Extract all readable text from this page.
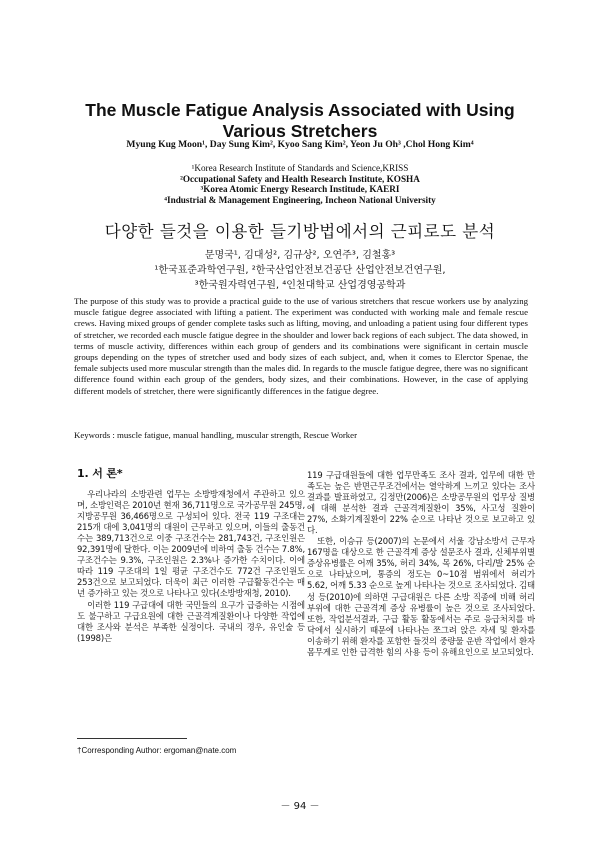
The Muscle Fatigue Analysis Associated with Using Various Stretchers
Myung Kug Moon¹, Day Sung Kim², Kyoo Sang Kim², Yeon Ju Oh³ ,Chol Hong Kim⁴
¹Korea Research Institute of Standards and Science,KRISS
²Occupational Safety and Health Research Institute, KOSHA
³Korea Atomic Energy Research Institude, KAERI
⁴Industrial & Management Engineering, Incheon National University
다양한 들것을 이용한 들기방법에서의 근피로도 분석
문명국¹, 김대성², 김규상², 오연주³, 김철홍³
¹한국표준과학연구원, ²한국산업안전보건공단 산업안전보건연구원,
³한국원자력연구원, ⁴인천대학교 산업경영공학과
The purpose of this study was to provide a practical guide to the use of various stretchers that rescue workers use by analyzing muscle fatigue degree associated with lifting a patient. The experiment was conducted with working male and female rescue crews. Having mixed groups of gender complete tasks such as lifting, moving, and unloading a patient using four different types of stretcher, we recorded each muscle fatigue degree in the shoulder and lower back regions of each subject. The data showed, in terms of muscle activity, differences within each group of genders and its combinations were significant in certain muscle groups depending on the types of stretcher used and body sizes of each subject, and, when it comes to Elerctor Spenae, the female subjects used more muscular strength than the males did. In regards to the muscle fatigue degree, there was no significant difference found within each group of the genders, body sizes, and their combinations. However, in the case of applying different models of stretcher, there were significantly differences in the fatigue degree.
Keywords : muscle fatigue, manual handling, muscular strength, Rescue Worker
1. 서 론*

우리나라의 소방관련 업무는 소방방재청에서 주관하고 있으며, 소방인력은 2010년 현재 36,711명으로 국가공무원 245명, 지방공무원 36,466명으로 구성되어 있다. 전국 119 구조대는 215개 대에 3,041명의 대원이 근무하고 있으며, 이들의 출동건수는 389,713건으로 이중 구조건수는 281,743건, 구조인원은 92,391명에 달한다. 이는 2009년에 비하여 출동 건수는 7.8%, 구조건수는 9.3%, 구조인원은 2.3%나 증가한 수치이다. 이에 따라 119 구조대의 1일 평균 구조건수도 772건 구조인원도 253건으로 보고되었다. 더욱이 최근 이러한 구급활동건수는 매년 증가하고 있는 것으로 나타나고 있다(소방방재청, 2010).

이러한 119 구급대에 대한 국민들의 요구가 급증하는 시점에도 불구하고 구급요원에 대한 근골격계질환이나 다양한 작업에 대한 조사와 분석은 부족한 실정이다. 국내의 경우, 유인술 등(1998)은

119 구급대원들에 대한 업무만족도 조사 결과, 업무에 대한 만족도는 높은 반면근무조건에서는 열악하게 느끼고 있다는 조사 결과를 발표하였고, 김정만(2006)은 소방공무원의 업무상 질병에 대해 분석한 결과 근골격계질환이 35%, 사고성 질환이 27%, 소화기계질환이 22% 순으로 나타난 것으로 보고하고 있다.

또한, 이승규 등(2007)의 논문에서 서울 강남소방서 근무자 167명을 대상으로 한 근골격계 증상 설문조사 결과, 신체부위별 증상유병률은 어깨 35%, 허리 34%, 목 26%, 다리/발 25% 순으로 나타났으며, 통증의 정도는 0~10점 범위에서 허리가 5.62, 어깨 5.33 순으로 높게 나타나는 것으로 조사되었다. 김태성 등(2010)에 의하면 구급대원은 다른 소방 직종에 비해 허리 부위에 대한 근골격계 증상 유병률이 높은 것으로 조사되었다. 또한, 작업분석결과, 구급 활동 활동에서는 주로 응급처치를 바닥에서 실시하기 때문에 나타나는 쪼그려 앉은 자세 및 환자를 이송하기 위해 환자를 포함한 들것의 중량물 운반 작업에서 환자 몸무게로 인한 급격한 힘의 사용 등이 유해요인으로 보고되었다.

†Corresponding Author: ergoman@nate.com
－ 94 －
